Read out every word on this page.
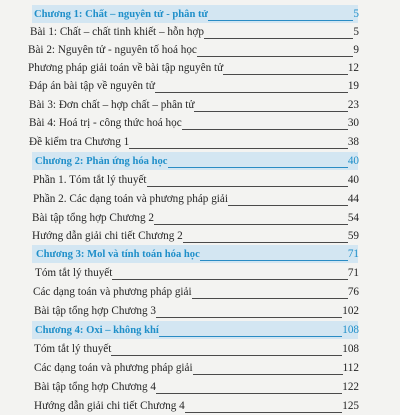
Chương 1: Chất – nguyên tử - phân tử	5
Bài 1: Chất – chất tinh khiết – hỗn hợp	5
Bài 2: Nguyên tử - nguyên tố hoá học	9
Phương pháp giải toán về bài tập nguyên tử	12
Đáp án bài tập về nguyên tử	19
Bài 3: Đơn chất – hợp chất – phân tử	23
Bài 4: Hoá trị - công thức hoá học	30
Đề kiểm tra Chương 1	38
Chương 2: Phản ứng hóa học	40
Phần 1. Tóm tắt lý thuyết	40
Phần 2. Các dạng toán và phương pháp giải	44
Bài tập tổng hợp Chương 2	54
Hướng dẫn giải chi tiết Chương 2	59
Chương 3: Mol và tính toán hóa học	71
Tóm tắt lý thuyết	71
Các dạng toán và phương pháp giải	76
Bài tập tổng hợp Chương 3	102
Chương 4: Oxi – không khí	108
Tóm tắt lý thuyết	108
Các dạng toán và phương pháp giải	112
Bài tập tổng hợp Chương 4	122
Hướng dẫn giải chi tiết Chương 4	125
